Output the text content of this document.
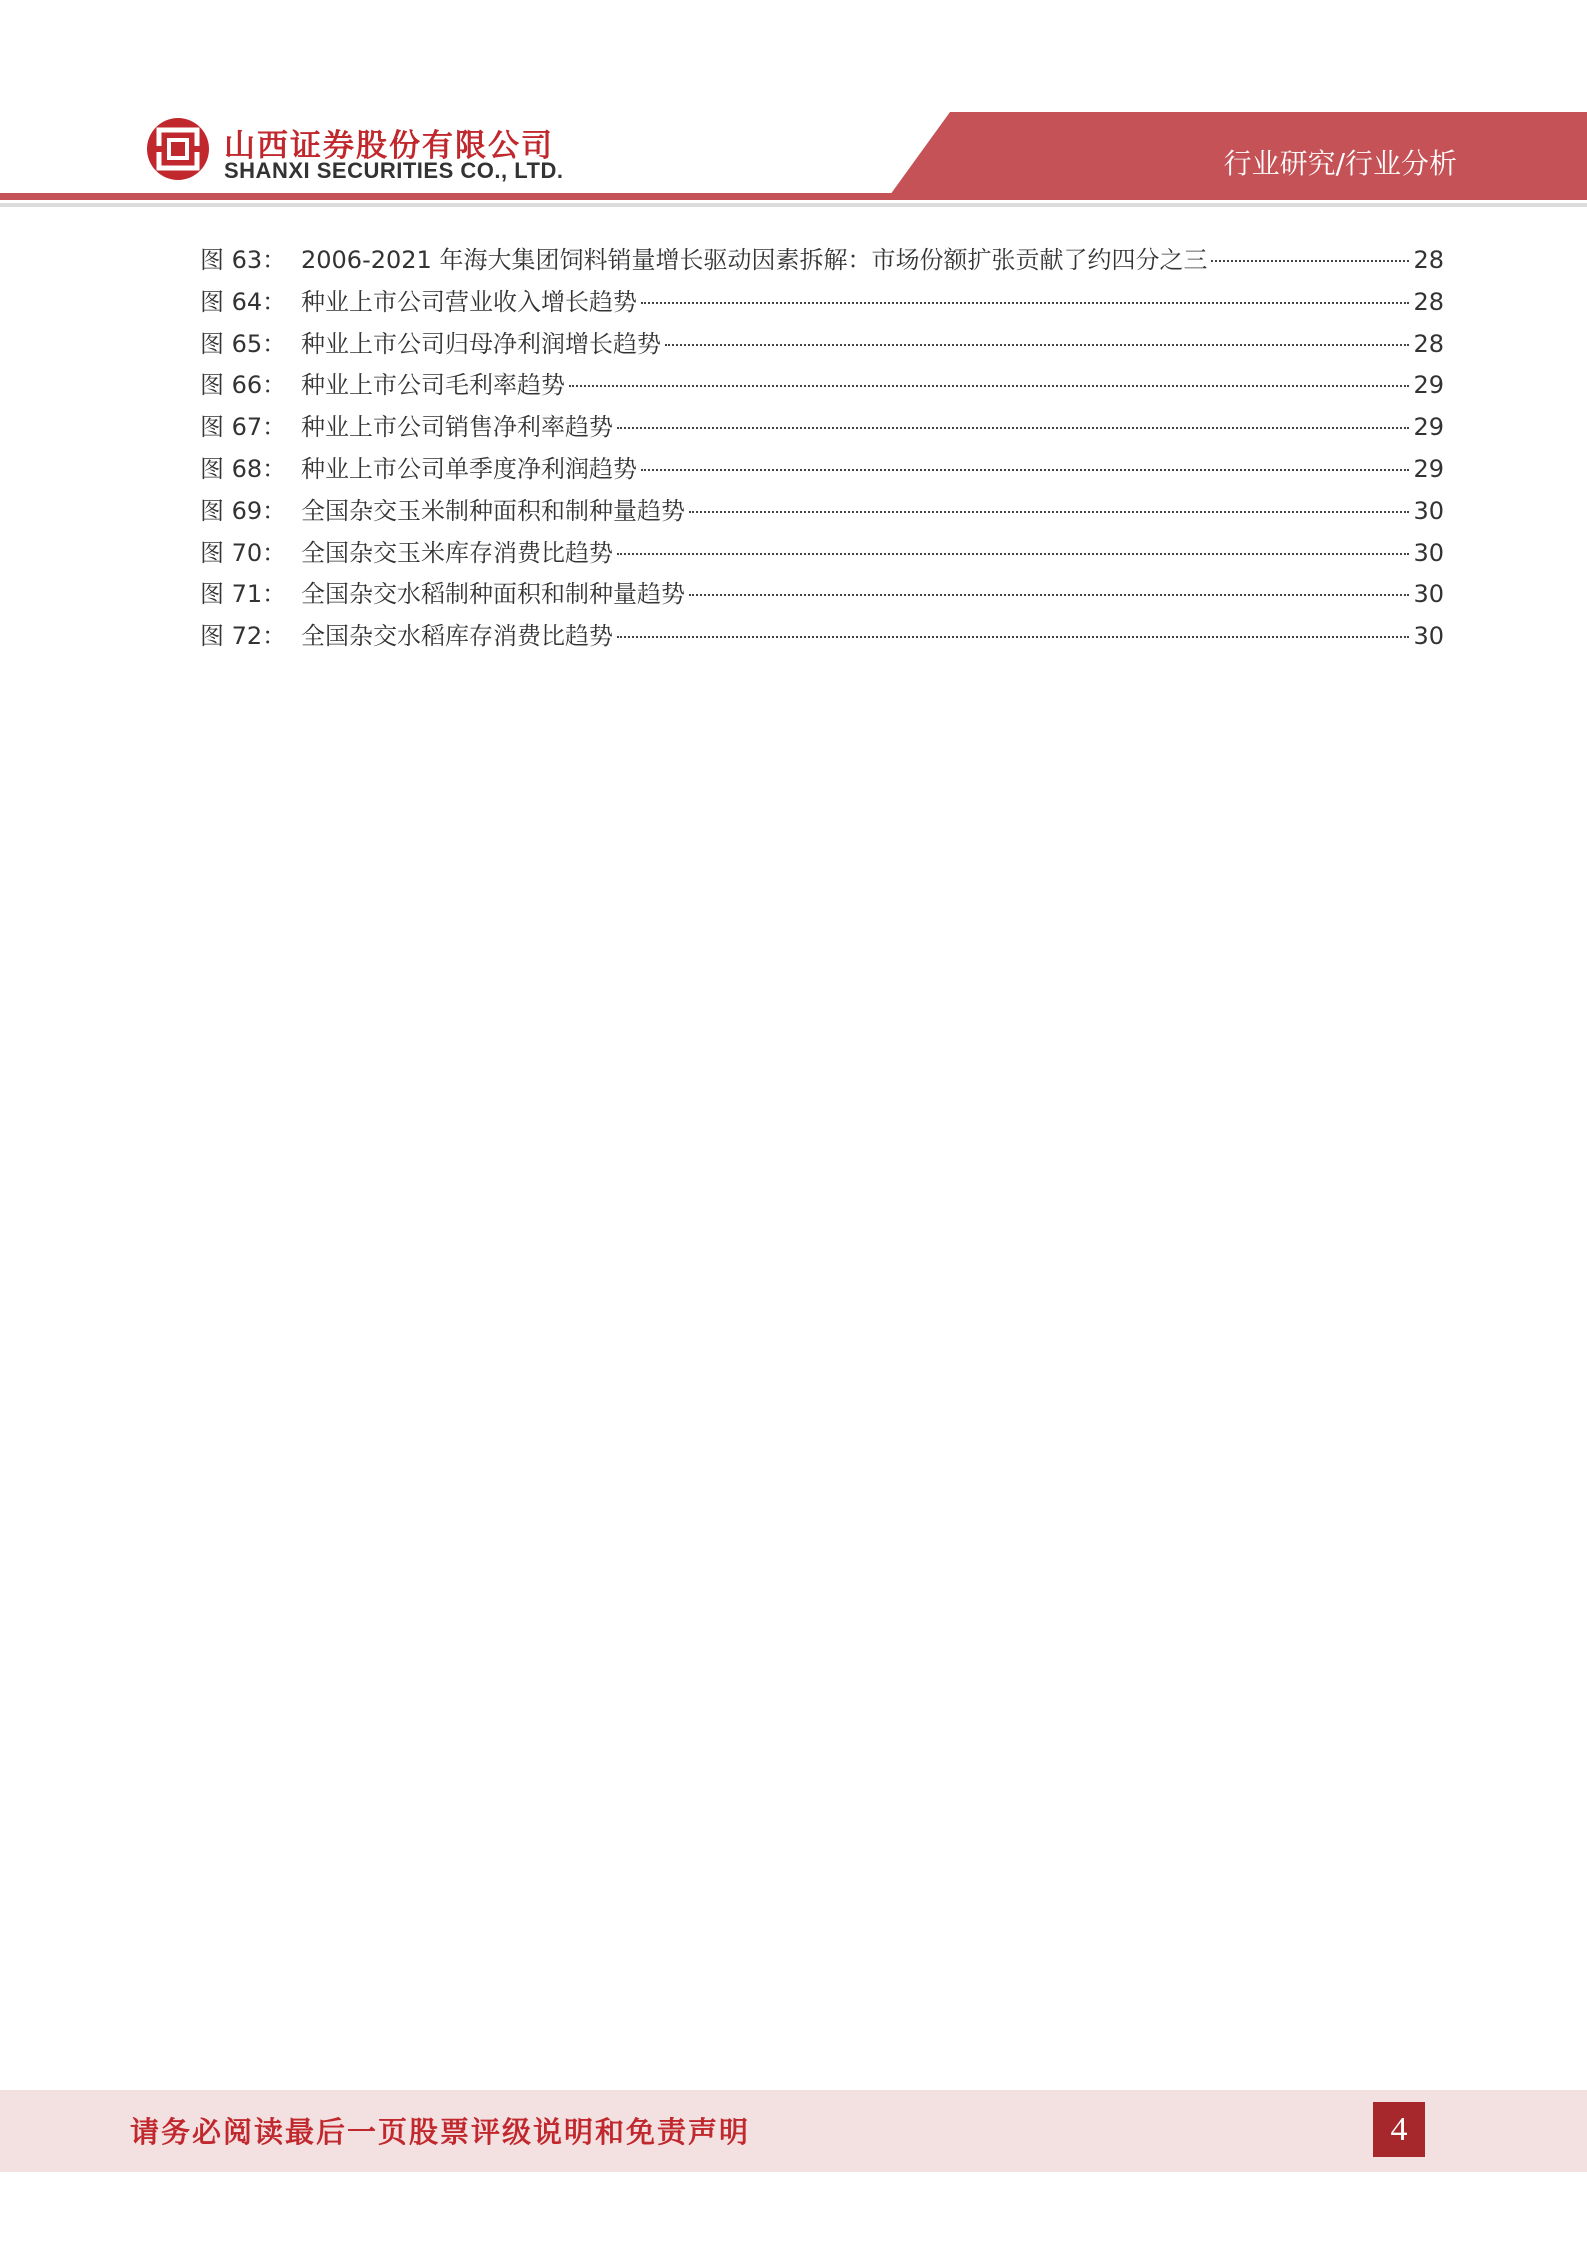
山西证券股份有限公司
SHANXI SECURITIES CO., LTD.	行业研究/行业分析
图 63： 2006-2021 年海大集团饲料销量增长驱动因素拆解：市场份额扩张贡献了约四分之三	28
图 64： 种业上市公司营业收入增长趋势	28
图 65： 种业上市公司归母净利润增长趋势	28
图 66： 种业上市公司毛利率趋势	29
图 67： 种业上市公司销售净利率趋势	29
图 68： 种业上市公司单季度净利润趋势	29
图 69： 全国杂交玉米制种面积和制种量趋势	30
图 70： 全国杂交玉米库存消费比趋势	30
图 71： 全国杂交水稻制种面积和制种量趋势	30
图 72： 全国杂交水稻库存消费比趋势	30
请务必阅读最后一页股票评级说明和免责声明	4
